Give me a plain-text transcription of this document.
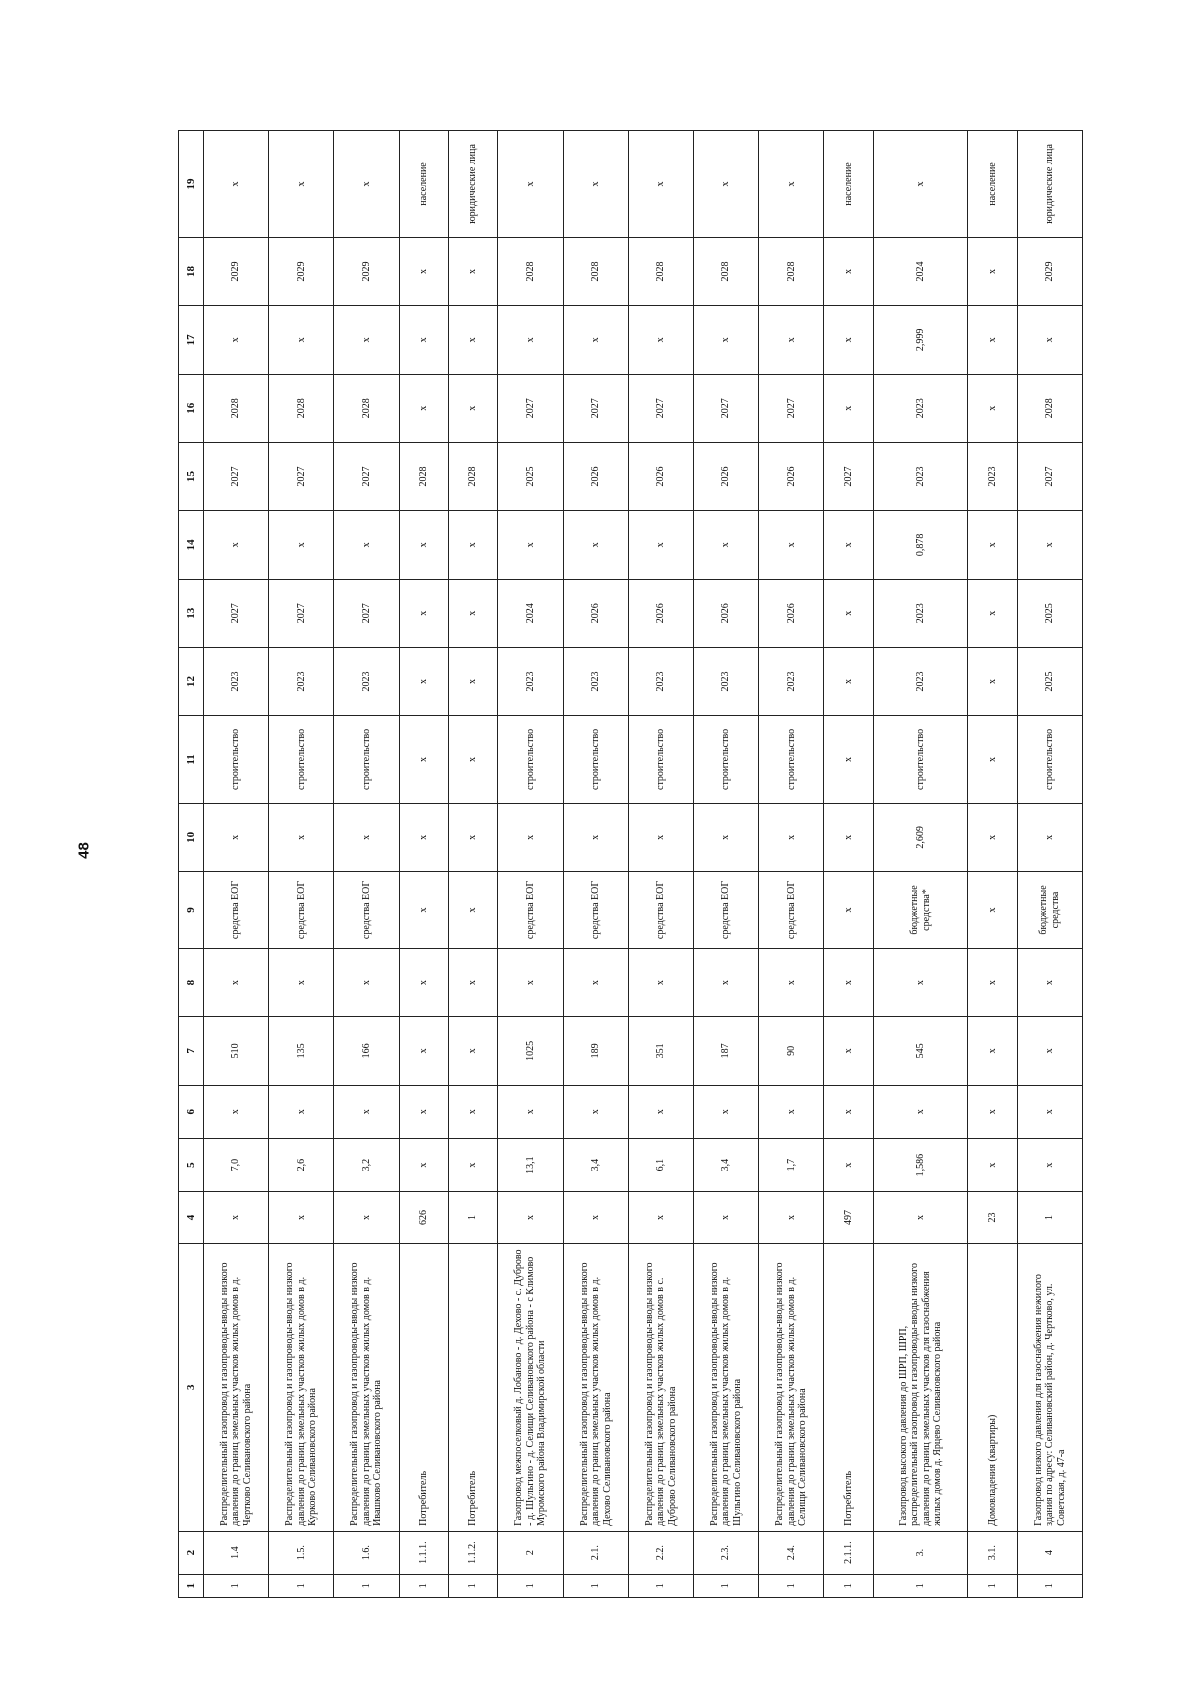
48
1	2	3	4	5	6	7	8	9	10	11	12	13	14	15	16	17	18	19
1	1.4	Распределительный газопровод и газопроводы-вводы низкого давления до границ земельных участков жилых домов в д. Чертково Селивановского района	x	7,0	x	510	x	средства ЕОГ	x	строительство	2023	2027	x	2027	2028	x	2029	x
1	1.5.	Распределительный газопровод и газопроводы-вводы низкого давления до границ земельных участков жилых домов в д. Курково Селивановского района	x	2,6	x	135	x	средства ЕОГ	x	строительство	2023	2027	x	2027	2028	x	2029	x
1	1.6.	Распределительный газопровод и газопроводы-вводы низкого давления до границ земельных участков жилых домов в д. Ивашково Селивановского района	x	3,2	x	166	x	средства ЕОГ	x	строительство	2023	2027	x	2027	2028	x	2029	x
1	1.1.1.	Потребитель	626	x	x	x	x	x	x	x	x	x	x	2028	x	x	x	население
1	1.1.2.	Потребитель	1	x	x	x	x	x	x	x	x	x	x	2028	x	x	x	юридические лица
1	2	Газопровод межпоселковый д. Лобаново - д. Дехово - с. Дуброво - д. Шульгино - д. Селищи Селивановского района - с Климово Муромского района Владимирской области	x	13,1	x	1025	x	средства ЕОГ	x	строительство	2023	2024	x	2025	2027	x	2028	x
1	2.1.	Распределительный газопровод и газопроводы-вводы низкого давления до границ земельных участков жилых домов в д. Дехово Селивановского района	x	3,4	x	189	x	средства ЕОГ	x	строительство	2023	2026	x	2026	2027	x	2028	x
1	2.2.	Распределительный газопровод и газопроводы-вводы низкого давления до границ земельных участков жилых домов в с. Дуброво Селивановского района	x	6,1	x	351	x	средства ЕОГ	x	строительство	2023	2026	x	2026	2027	x	2028	x
1	2.3.	Распределительный газопровод и газопроводы-вводы низкого давления до границ земельных участков жилых домов в д. Шульгино Селивановского района	x	3,4	x	187	x	средства ЕОГ	x	строительство	2023	2026	x	2026	2027	x	2028	x
1	2.4.	Распределительный газопровод и газопроводы-вводы низкого давления до границ земельных участков жилых домов в д. Селищи Селивановского района	x	1,7	x	90	x	средства ЕОГ	x	строительство	2023	2026	x	2026	2027	x	2028	x
1	2.1.1.	Потребитель	497	x	x	x	x	x	x	x	x	x	x	2027	x	x	x	население
1	3.	Газопровод высокого давления до ШРП, ШРП, распределительный газопровод и газопроводы-вводы низкого давления до границ земельных участков для газоснабжения жилых домов д. Ярцево Селивановского района	x	1,586	x	545	x	бюджетные средства*	2,609	строительство	2023	2023	0,878	2023	2023	2,999	2024	x
1	3.1.	Домовладения (квартиры)	23	x	x	x	x	x	x	x	x	x	x	2023	x	x	x	население
1	4	Газопровод низкого давления для газоснабжения нежилого здания по адресу: Селивановский район, д. Чертково, ул. Советская, д. 47-а	1	x	x	x	x	бюджетные средства	x	строительство	2025	2025	x	2027	2028	x	2029	юридические лица
